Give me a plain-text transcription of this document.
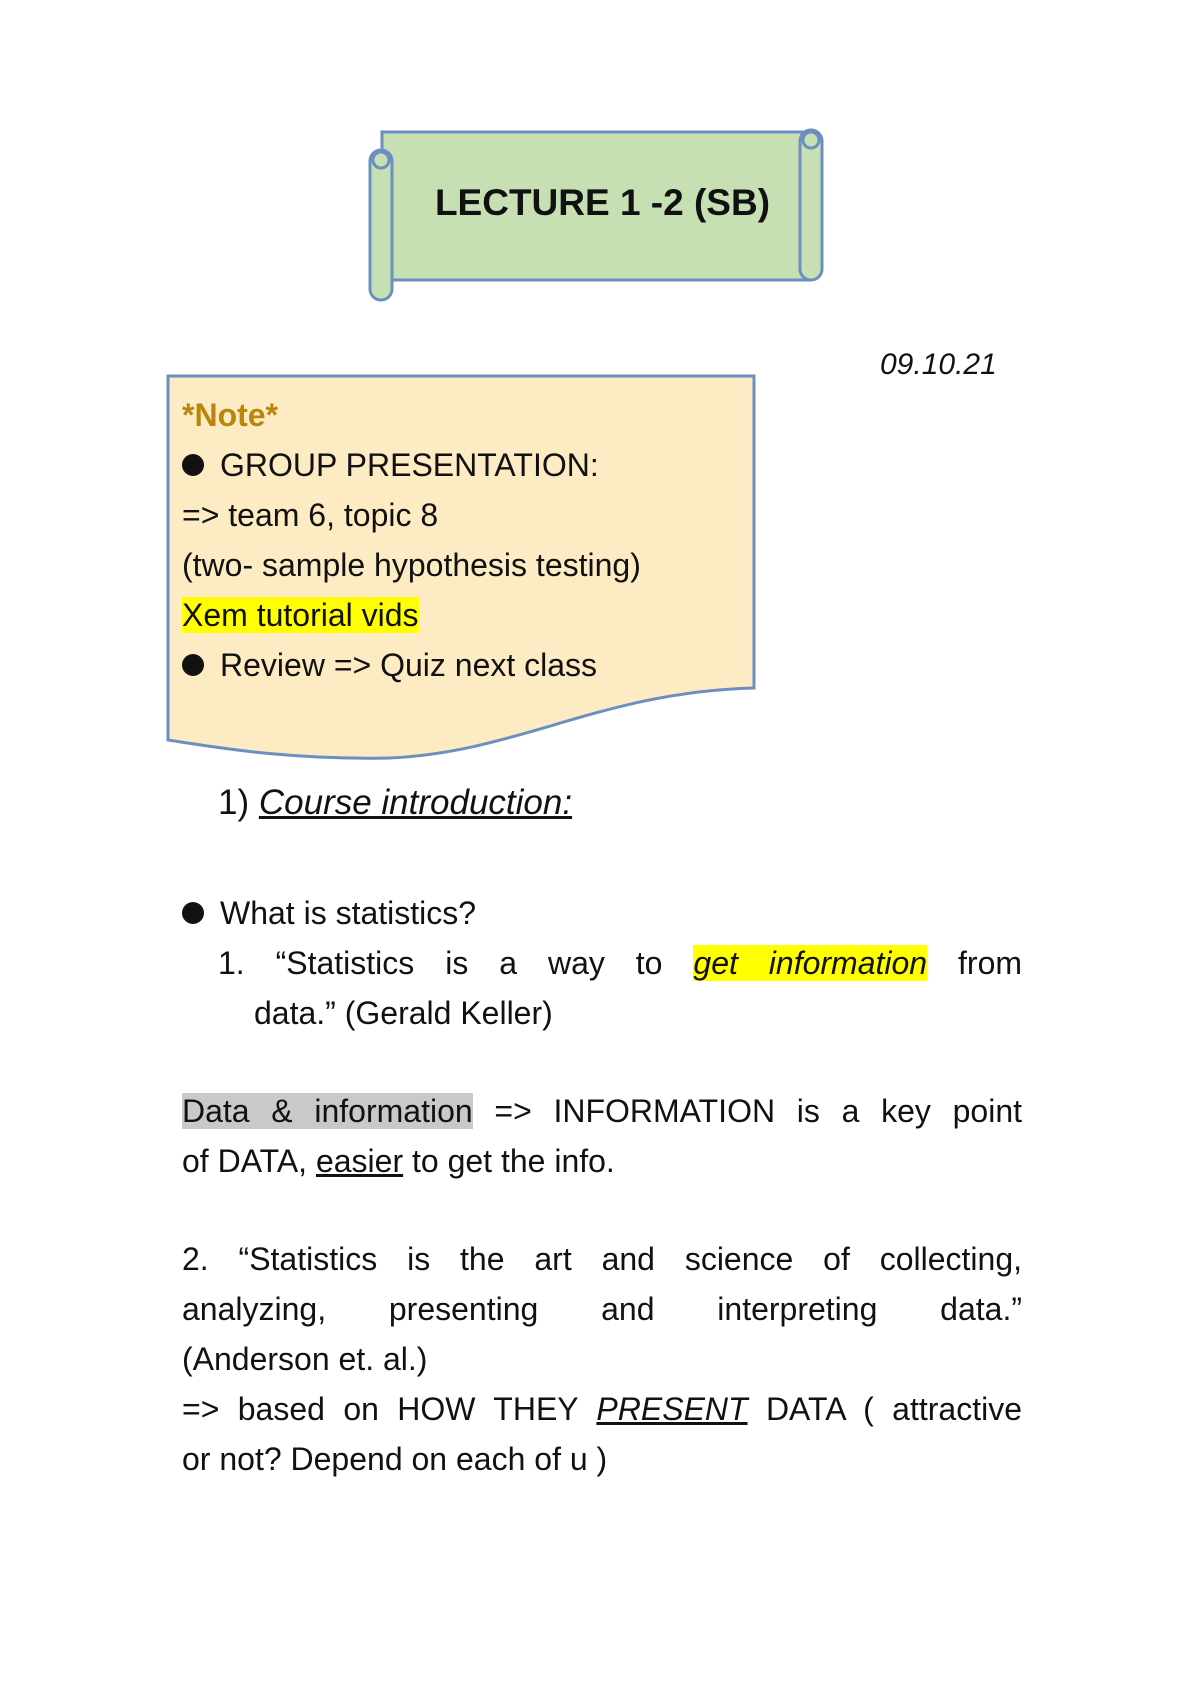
LECTURE 1 -2 (SB)
09.10.21
*Note*
GROUP PRESENTATION:
=> team 6, topic 8
(two- sample hypothesis testing)
Xem tutorial vids
Review => Quiz next class
1) Course introduction:
What is statistics?
1. “Statistics is a way to get information from
data.” (Gerald Keller)
Data & information => INFORMATION is a key point
of DATA, easier to get the info.
2. “Statistics is the art and science of collecting,
analyzing, presenting and interpreting data.”
(Anderson et. al.)
=> based on HOW THEY PRESENT DATA ( attractive
or not? Depend on each of u )
